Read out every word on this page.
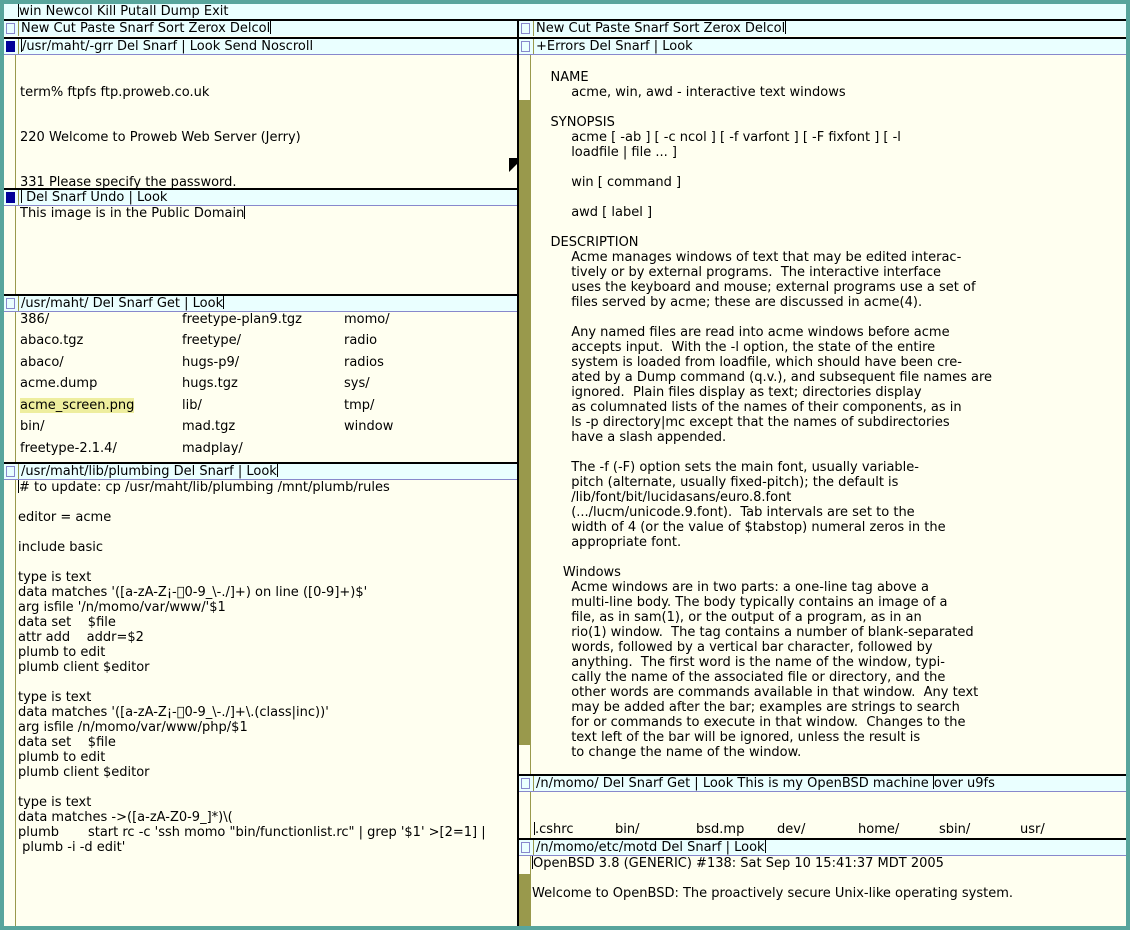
win Newcol Kill Putall Dump Exit
New Cut Paste Snarf Sort Zerox Delcol
/usr/maht/-grr Del Snarf | Look Send Noscroll

term% ftpfs ftp.proweb.co.uk

220 Welcome to Proweb Web Server (Jerry)

331 Please specify the password.

Del Snarf Undo | Look
This image is in the Public Domain
/usr/maht/ Del Snarf Get | Look
386/	freetype-plan9.tgz	momo/
abaco.tgz	freetype/	radio
abaco/	hugs-p9/	radios
acme.dump	hugs.tgz	sys/
acme_screen.png	lib/	tmp/
bin/	mad.tgz	window
freetype-2.1.4/	madplay/
/usr/maht/lib/plumbing Del Snarf | Look
# to update: cp /usr/maht/lib/plumbing /mnt/plumb/rules

editor = acme

include basic

type is text
data matches '([a-zA-Z¡-￿0-9_\-./]+) on line ([0-9]+)$'
arg isfile '/n/momo/var/www/'$1
data set    $file
attr add    addr=$2
plumb to edit
plumb client $editor

type is text
data matches '([a-zA-Z¡-￿0-9_\-./]+\.(class|inc))'
arg isfile /n/momo/var/www/php/$1
data set    $file
plumb to edit
plumb client $editor

type is text
data matches ->([a-zA-Z0-9_]*)\(
plumb       start rc -c 'ssh momo "bin/functionlist.rc" | grep '$1' >[2=1] |
plumb -i -d edit'
New Cut Paste Snarf Sort Zerox Delcol
+Errors Del Snarf | Look

NAME
acme, win, awd - interactive text windows

SYNOPSIS
acme [ -ab ] [ -c ncol ] [ -f varfont ] [ -F fixfont ] [ -l
loadfile | file ... ]

win [ command ]

awd [ label ]

DESCRIPTION
Acme manages windows of text that may be edited interac-
tively or by external programs.  The interactive interface
uses the keyboard and mouse; external programs use a set of
files served by acme; these are discussed in acme(4).

Any named files are read into acme windows before acme
accepts input.  With the -l option, the state of the entire
system is loaded from loadfile, which should have been cre-
ated by a Dump command (q.v.), and subsequent file names are
ignored.  Plain files display as text; directories display
as columnated lists of the names of their components, as in
ls -p directory|mc except that the names of subdirectories
have a slash appended.

The -f (-F) option sets the main font, usually variable-
pitch (alternate, usually fixed-pitch); the default is
/lib/font/bit/lucidasans/euro.8.font
(.../lucm/unicode.9.font).  Tab intervals are set to the
width of 4 (or the value of $tabstop) numeral zeros in the
appropriate font.

Windows
Acme windows are in two parts: a one-line tag above a
multi-line body. The body typically contains an image of a
file, as in sam(1), or the output of a program, as in an
rio(1) window.  The tag contains a number of blank-separated
words, followed by a vertical bar character, followed by
anything.  The first word is the name of the window, typi-
cally the name of the associated file or directory, and the
other words are commands available in that window.  Any text
may be added after the bar; examples are strings to search
for or commands to execute in that window.  Changes to the
text left of the bar will be ignored, unless the result is
to change the name of the window.
/n/momo/ Del Snarf Get | Look This is my OpenBSD machine over u9fs

.cshrc	bin/	bsd.mp	dev/	home/	sbin/	usr/

/n/momo/etc/motd Del Snarf | Look
OpenBSD 3.8 (GENERIC) #138: Sat Sep 10 15:41:37 MDT 2005

Welcome to OpenBSD: The proactively secure Unix-like operating system.
